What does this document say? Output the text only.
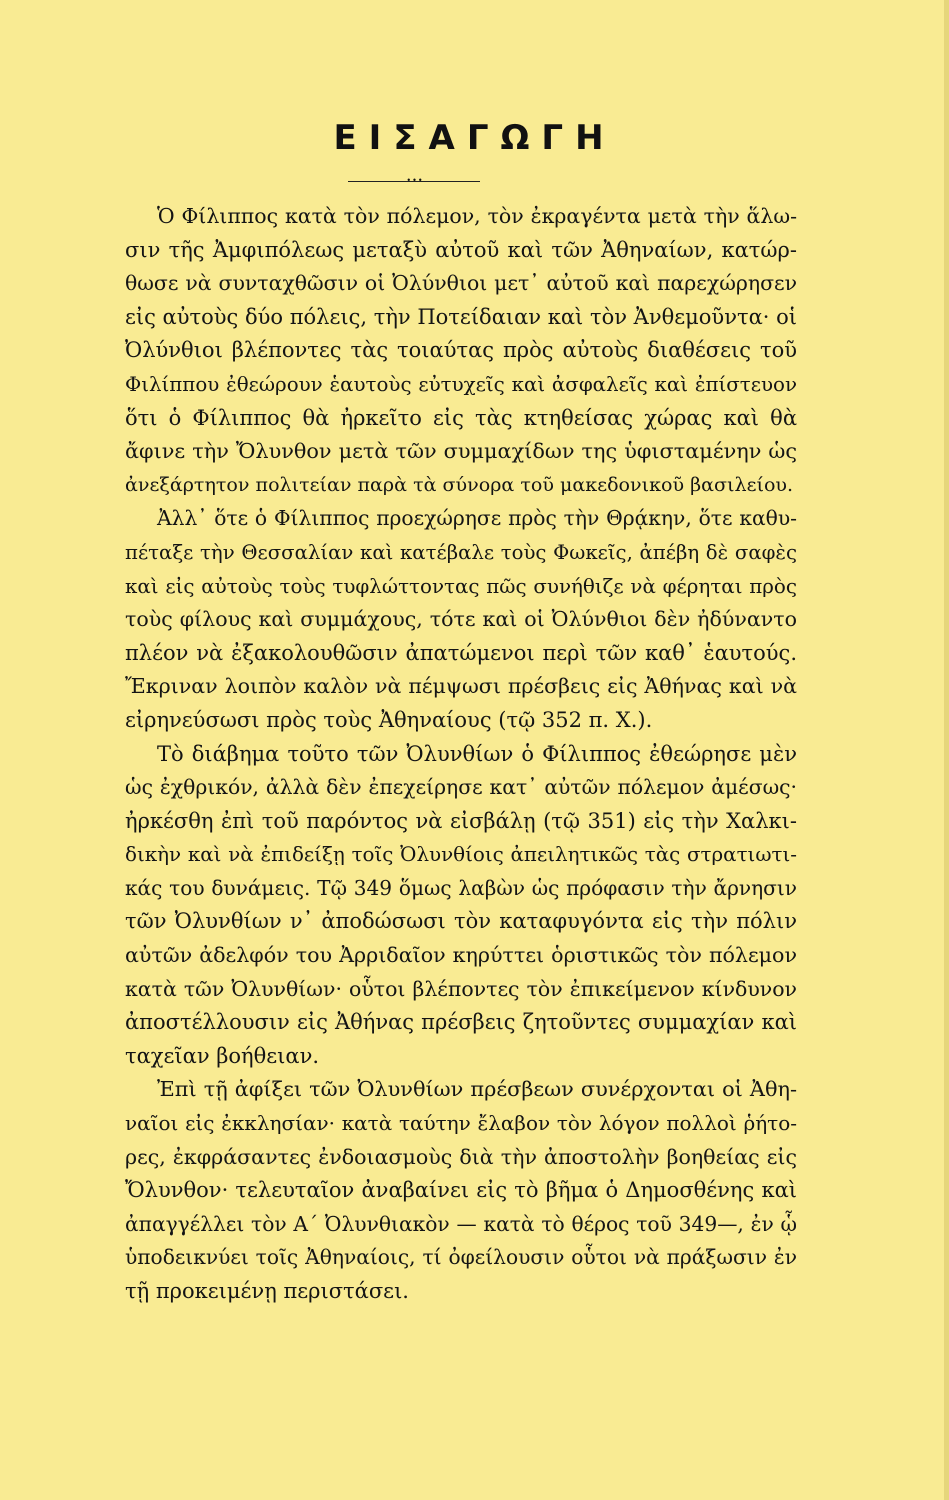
ΕΙΣΑΓΩΓΗ
•••
Ὁ Φίλιππος κατὰ τὸν πόλεμον, τὸν ἐκραγέντα μετὰ τὴν ἅλω-
σιν τῆς Ἀμφιπόλεως μεταξὺ αὐτοῦ καὶ τῶν Ἀθηναίων, κατώρ-
θωσε νὰ συνταχθῶσιν οἱ Ὀλύνθιοι μετ᾽ αὐτοῦ καὶ παρεχώρησεν
εἰς αὐτοὺς δύο πόλεις, τὴν Ποτείδαιαν καὶ τὸν Ἀνθεμοῦντα· οἱ
Ὀλύνθιοι βλέποντες τὰς τοιαύτας πρὸς αὐτοὺς διαθέσεις τοῦ
Φιλίππου ἐθεώρουν ἑαυτοὺς εὐτυχεῖς καὶ ἀσφαλεῖς καὶ ἐπίστευον
ὅτι ὁ Φίλιππος θὰ ἠρκεῖτο εἰς τὰς κτηθείσας χώρας καὶ θὰ
ἄφινε τὴν Ὄλυνθον μετὰ τῶν συμμαχίδων της ὑφισταμένην ὡς
ἀνεξάρτητον πολιτείαν παρὰ τὰ σύνορα τοῦ μακεδονικοῦ βασιλείου.
Ἀλλ᾽ ὅτε ὁ Φίλιππος προεχώρησε πρὸς τὴν Θρᾴκην, ὅτε καθυ-
πέταξε τὴν Θεσσαλίαν καὶ κατέβαλε τοὺς Φωκεῖς, ἀπέβη δὲ σαφὲς
καὶ εἰς αὐτοὺς τοὺς τυφλώττοντας πῶς συνήθιζε νὰ φέρηται πρὸς
τοὺς φίλους καὶ συμμάχους, τότε καὶ οἱ Ὀλύνθιοι δὲν ἠδύναντο
πλέον νὰ ἐξακολουθῶσιν ἀπατώμενοι περὶ τῶν καθ᾽ ἑαυτούς.
Ἔκριναν λοιπὸν καλὸν νὰ πέμψωσι πρέσβεις εἰς Ἀθήνας καὶ νὰ
εἰρηνεύσωσι πρὸς τοὺς Ἀθηναίους (τῷ 352 π. Χ.).
Τὸ διάβημα τοῦτο τῶν Ὀλυνθίων ὁ Φίλιππος ἐθεώρησε μὲν
ὡς ἐχθρικόν, ἀλλὰ δὲν ἐπεχείρησε κατ᾽ αὐτῶν πόλεμον ἀμέσως·
ἠρκέσθη ἐπὶ τοῦ παρόντος νὰ εἰσβάλῃ (τῷ 351) εἰς τὴν Χαλκι-
δικὴν καὶ νὰ ἐπιδείξῃ τοῖς Ὀλυνθίοις ἀπειλητικῶς τὰς στρατιωτι-
κάς του δυνάμεις. Τῷ 349 ὅμως λαβὼν ὡς πρόφασιν τὴν ἄρνησιν
τῶν Ὀλυνθίων ν᾽ ἀποδώσωσι τὸν καταφυγόντα εἰς τὴν πόλιν
αὐτῶν ἀδελφόν του Ἀρριδαῖον κηρύττει ὁριστικῶς τὸν πόλεμον
κατὰ τῶν Ὀλυνθίων· οὗτοι βλέποντες τὸν ἐπικείμενον κίνδυνον
ἀποστέλλουσιν εἰς Ἀθήνας πρέσβεις ζητοῦντες συμμαχίαν καὶ
ταχεῖαν βοήθειαν.
Ἐπὶ τῇ ἀφίξει τῶν Ὀλυνθίων πρέσβεων συνέρχονται οἱ Ἀθη-
ναῖοι εἰς ἐκκλησίαν· κατὰ ταύτην ἔλαβον τὸν λόγον πολλοὶ ῥήτο-
ρες, ἐκφράσαντες ἐνδοιασμοὺς διὰ τὴν ἀποστολὴν βοηθείας εἰς
Ὄλυνθον· τελευταῖον ἀναβαίνει εἰς τὸ βῆμα ὁ Δημοσθένης καὶ
ἀπαγγέλλει τὸν Α´ Ὀλυνθιακὸν — κατὰ τὸ θέρος τοῦ 349—, ἐν ᾧ
ὑποδεικνύει τοῖς Ἀθηναίοις, τί ὀφείλουσιν οὗτοι νὰ πράξωσιν ἐν
τῇ προκειμένῃ περιστάσει.
